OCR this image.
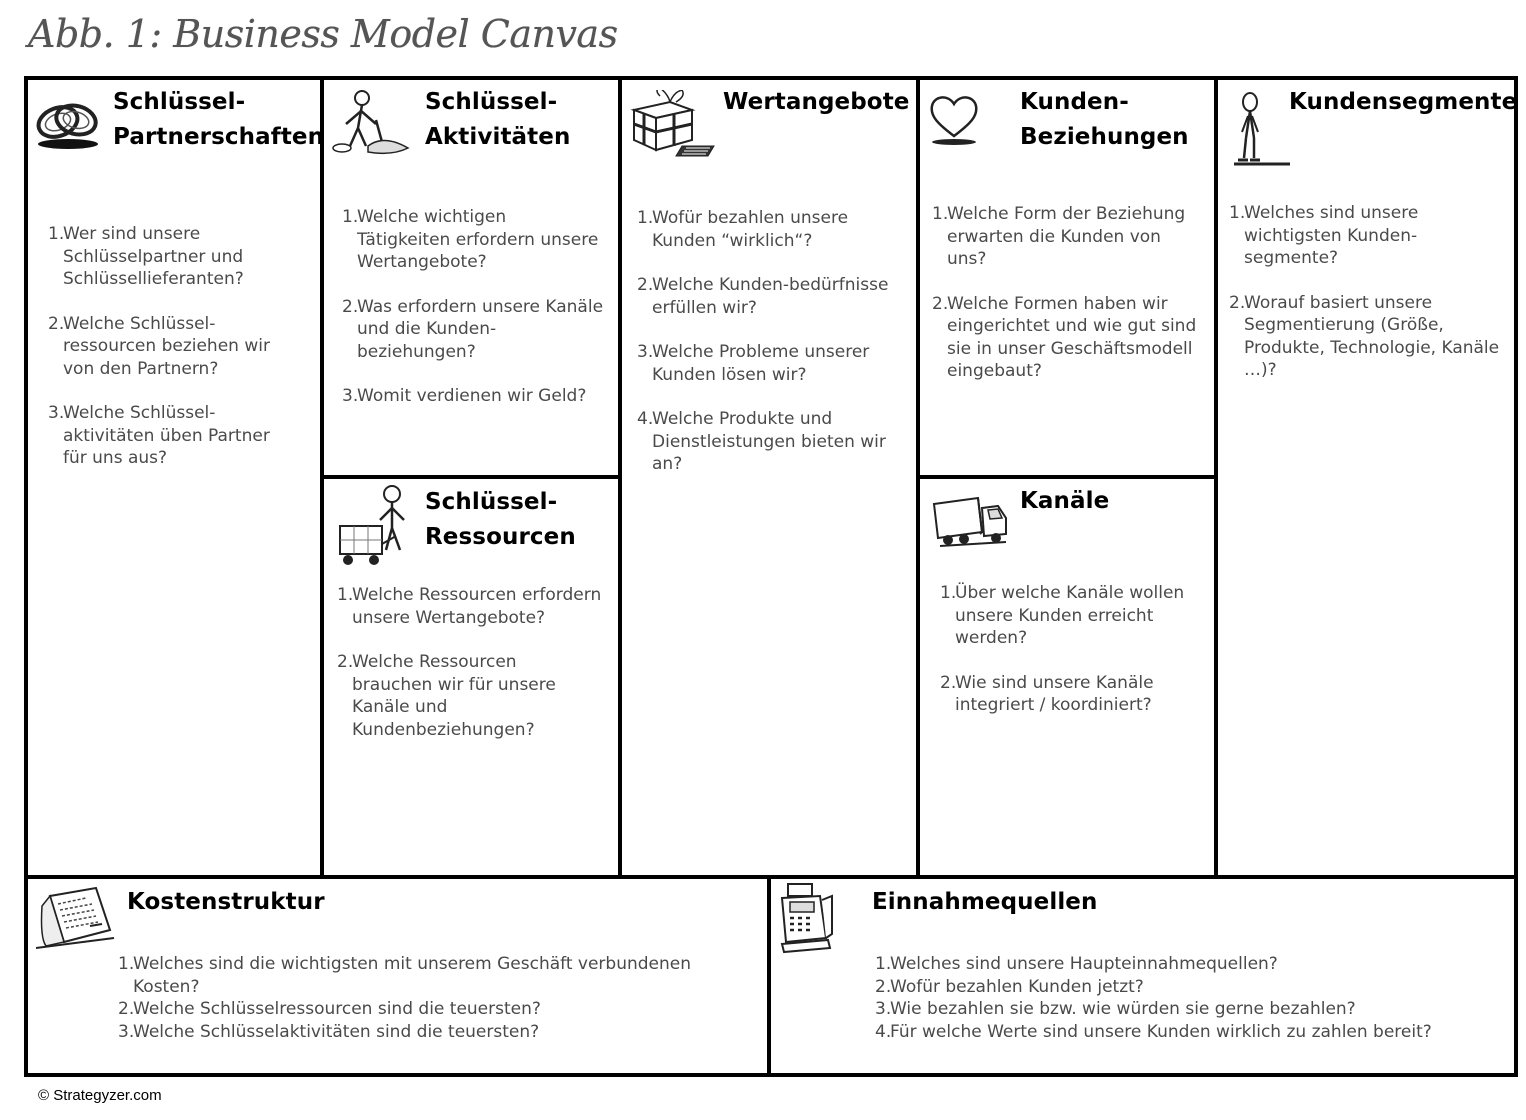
Abb. 1: Business Model Canvas
Schlüssel-
Partnerschaften
1.
Wer sind unsere Schlüsselpartner und Schlüssellieferanten?
2.
Welche Schlüssel-ressourcen beziehen wir von den Partnern?
3.
Welche Schlüssel-aktivitäten üben Partner für uns aus?
Schlüssel-
Aktivitäten
1.
Welche wichtigen Tätigkeiten erfordern unsere Wertangebote?
2.
Was erfordern unsere Kanäle und die Kunden-beziehungen?
3.
Womit verdienen wir Geld?
Schlüssel-
Ressourcen
1.
Welche Ressourcen erfordern unsere Wertangebote?
2.
Welche Ressourcen brauchen wir für unsere Kanäle und Kundenbeziehungen?
Wertangebote
1.
Wofür bezahlen unsere Kunden “wirklich“?
2.
Welche Kunden-bedürfnisse erfüllen wir?
3.
Welche Probleme unserer Kunden lösen wir?
4.
Welche Produkte und Dienstleistungen bieten wir an?
Kunden-
Beziehungen
1.
Welche Form der Beziehung erwarten die Kunden von uns?
2.
Welche Formen haben wir eingerichtet und wie gut sind sie in unser Geschäftsmodell eingebaut?
Kanäle
1.
Über welche Kanäle wollen unsere Kunden erreicht werden?
2.
Wie sind unsere Kanäle integriert / koordiniert?
Kundensegmente
1.
Welches sind unsere wichtigsten Kunden-segmente?
2.
Worauf basiert unsere Segmentierung (Größe, Produkte, Technologie, Kanäle …)?
Kostenstruktur
1.
Welches sind die wichtigsten mit unserem Geschäft verbundenen Kosten?
2.
Welche Schlüsselressourcen sind die teuersten?
3.
Welche Schlüsselaktivitäten sind die teuersten?
Einnahmequellen
1.
Welches sind unsere Haupteinnahmequellen?
2.
Wofür bezahlen Kunden jetzt?
3.
Wie bezahlen sie bzw. wie würden sie gerne bezahlen?
4.
Für welche Werte sind unsere Kunden wirklich zu zahlen bereit?
© Strategyzer.com
